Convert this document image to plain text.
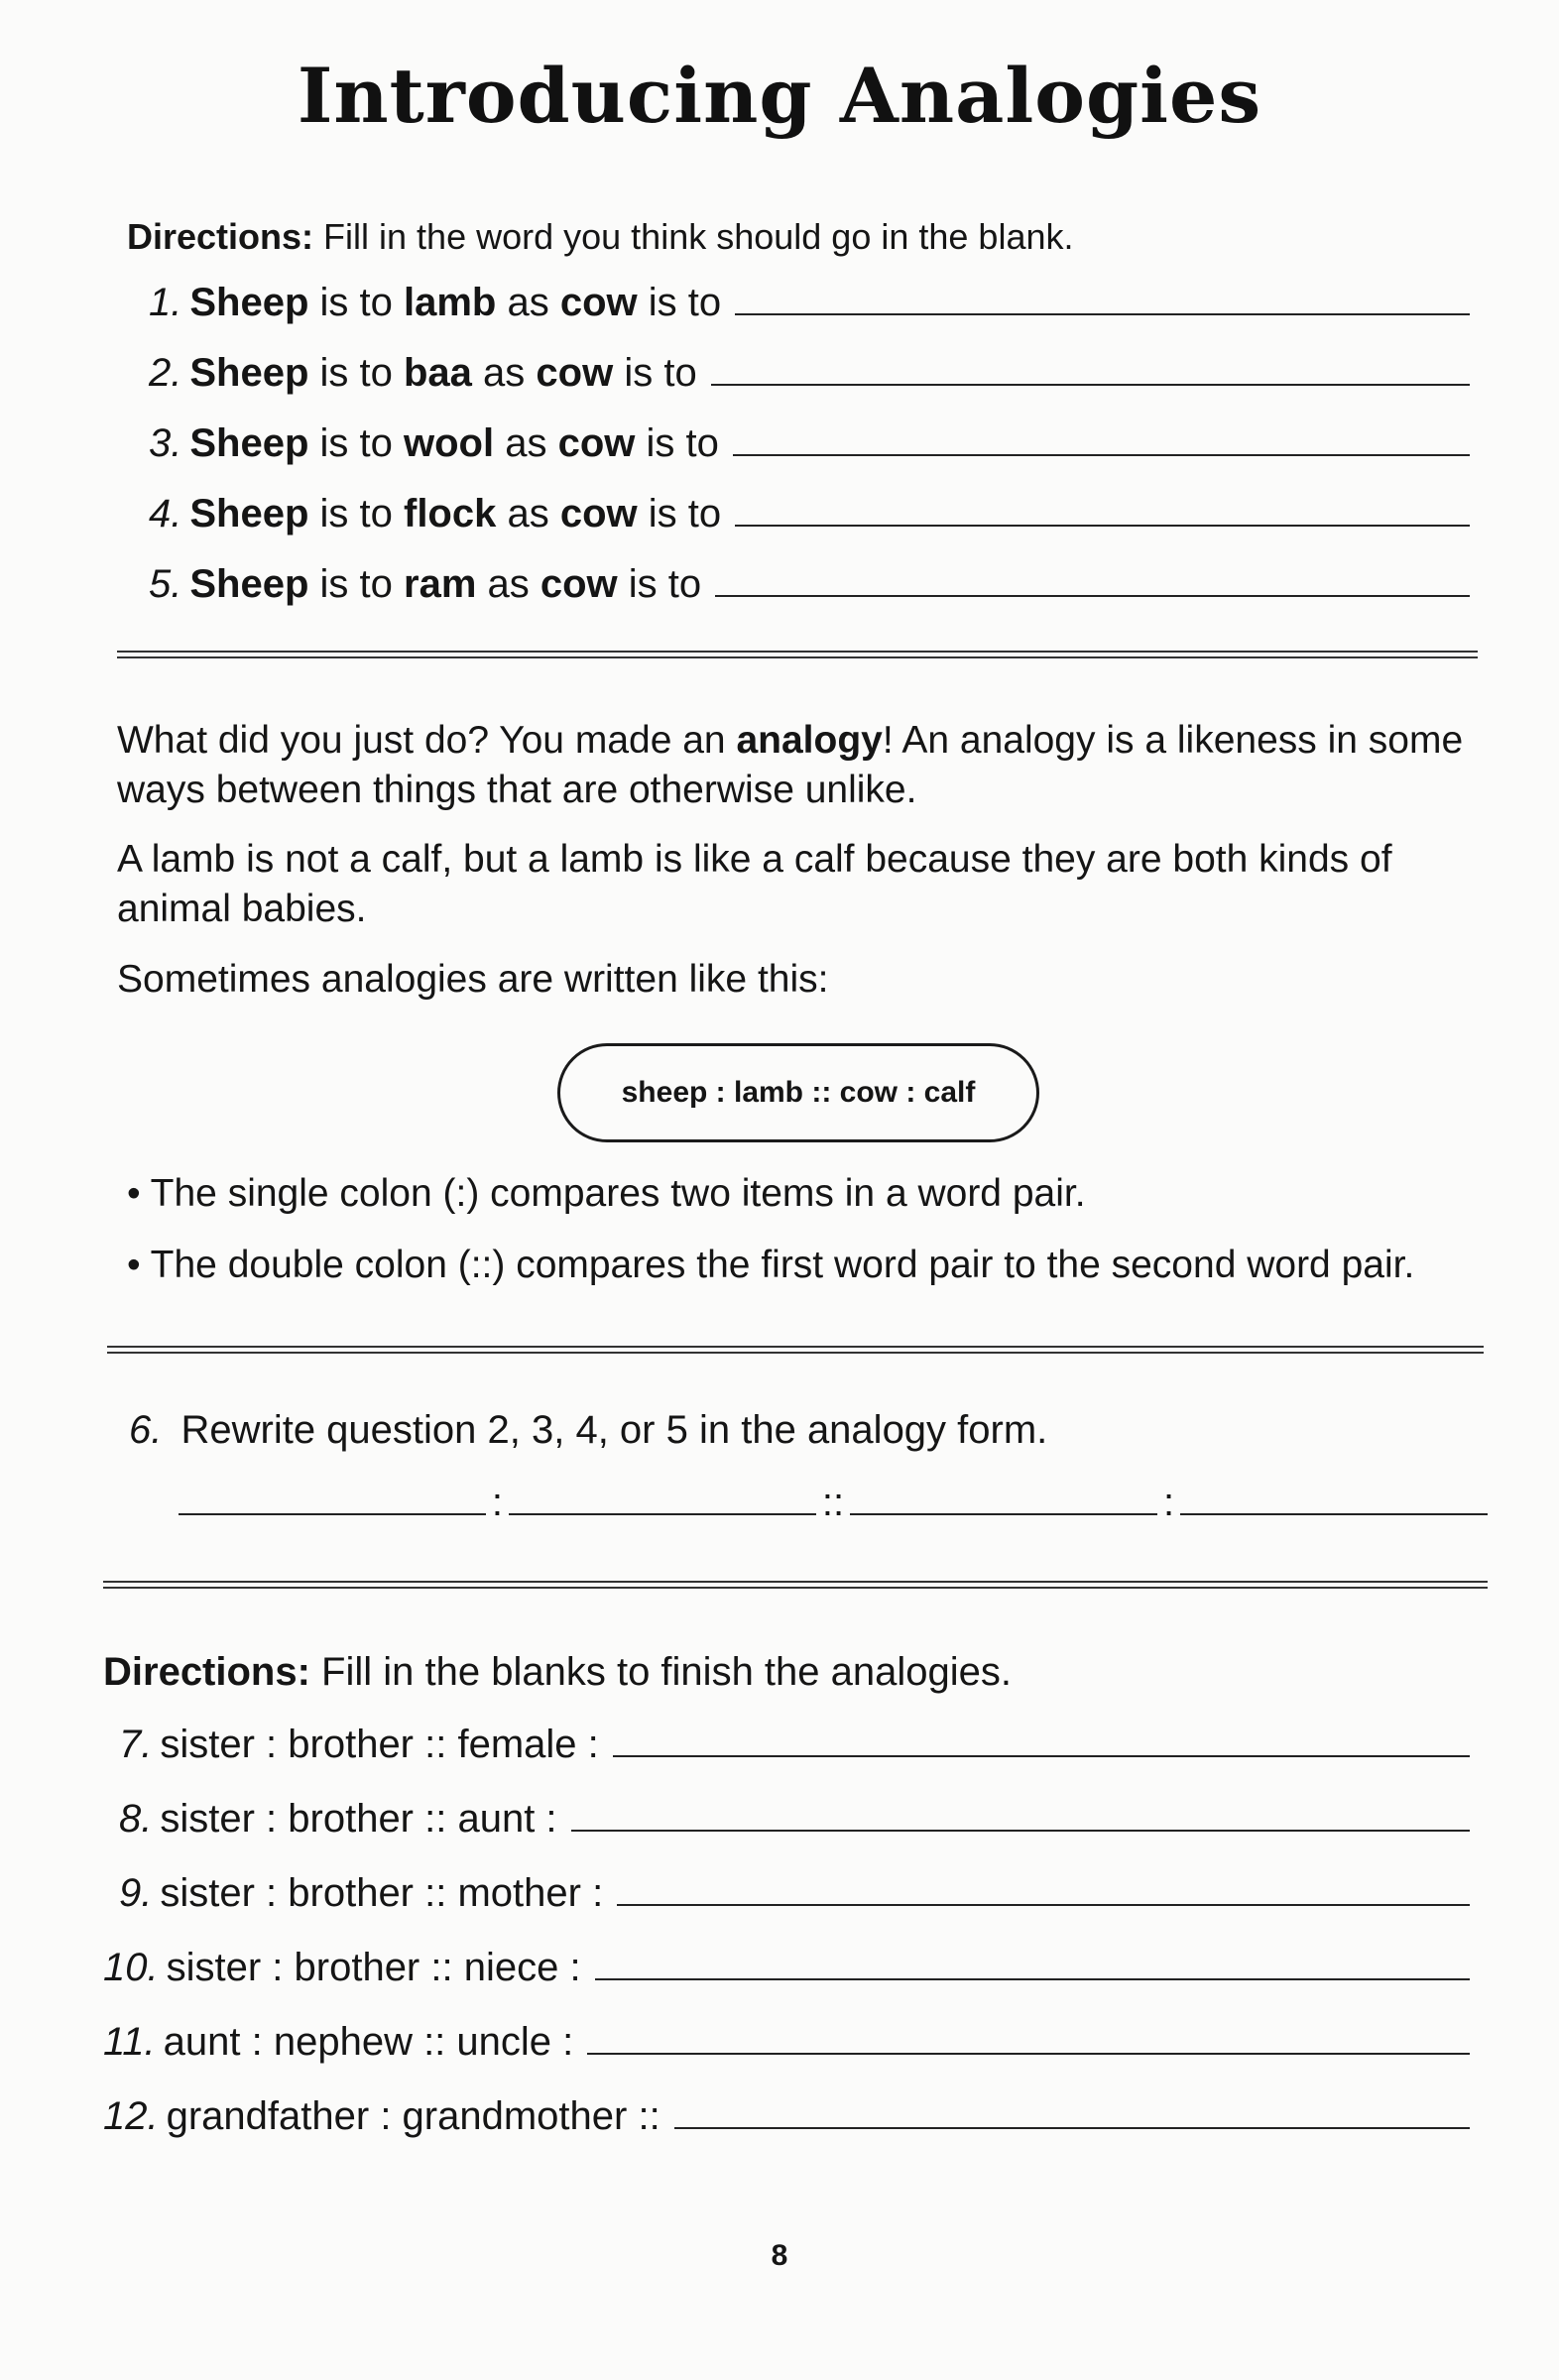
Introducing Analogies

Directions: Fill in the word you think should go in the blank.

1. Sheep is to lamb as cow is to
2. Sheep is to baa as cow is to
3. Sheep is to wool as cow is to
4. Sheep is to flock as cow is to
5. Sheep is to ram as cow is to

What did you just do? You made an analogy! An analogy is a likeness in some ways between things that are otherwise unlike.

A lamb is not a calf, but a lamb is like a calf because they are both kinds of animal babies.

Sometimes analogies are written like this:

sheep : lamb :: cow : calf
• The single colon (:) compares two items in a word pair.
• The double colon (::) compares the first word pair to the second word pair.
6. Rewrite question 2, 3, 4, or 5 in the analogy form.
:	::	:

Directions: Fill in the blanks to finish the analogies.

7. sister : brother :: female :
8. sister : brother :: aunt :
9. sister : brother :: mother :
10. sister : brother :: niece :
11. aunt : nephew :: uncle :
12. grandfather : grandmother ::
8
